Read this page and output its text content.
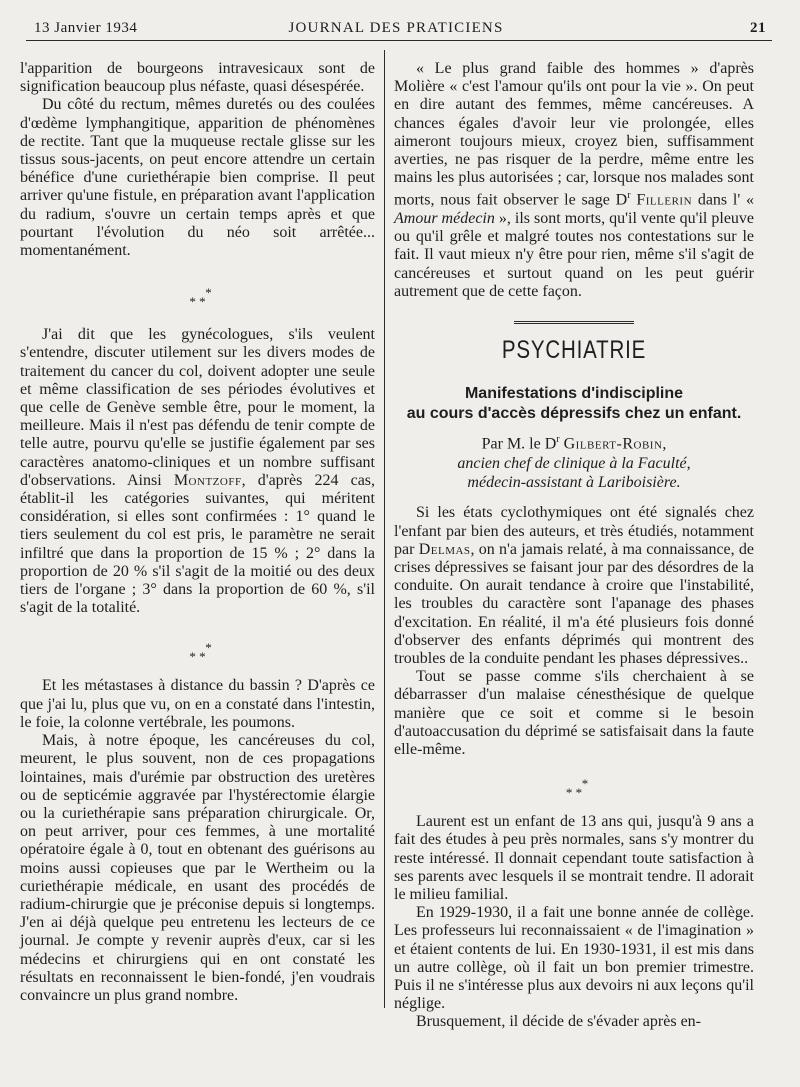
13 Janvier 1934	JOURNAL DES PRATICIENS	21

l'apparition de bourgeons intravesicaux sont de signification beaucoup plus néfaste, quasi désespérée.

Du côté du rectum, mêmes duretés ou des coulées d'œdème lymphangitique, apparition de phénomènes de rectite. Tant que la muqueuse rectale glisse sur les tissus sous-jacents, on peut encore attendre un certain bénéfice d'une curiethérapie bien comprise. Il peut arriver qu'une fistule, en préparation avant l'application du radium, s'ouvre un certain temps après et que pourtant l'évolution du néo soit arrêtée... momentanément.

*
* *

J'ai dit que les gynécologues, s'ils veulent s'entendre, discuter utilement sur les divers modes de traitement du cancer du col, doivent adopter une seule et même classification de ses périodes évolutives et que celle de Genève semble être, pour le moment, la meilleure. Mais il n'est pas défendu de tenir compte de telle autre, pourvu qu'elle se justifie également par ses caractères anatomo-cliniques et un nombre suffisant d'observations. Ainsi Montzoff, d'après 224 cas, établit-il les catégories suivantes, qui méritent considération, si elles sont confirmées : 1° quand le tiers seulement du col est pris, le paramètre ne serait infiltré que dans la proportion de 15 % ; 2° dans la proportion de 20 % s'il s'agit de la moitié ou des deux tiers de l'organe ; 3° dans la proportion de 60 %, s'il s'agit de la totalité.

*
* *

Et les métastases à distance du bassin ? D'après ce que j'ai lu, plus que vu, on en a constaté dans l'intestin, le foie, la colonne vertébrale, les poumons.

Mais, à notre époque, les cancéreuses du col, meurent, le plus souvent, non de ces propagations lointaines, mais d'urémie par obstruction des uretères ou de septicémie aggravée par l'hystérectomie élargie ou la curiethérapie sans préparation chirurgicale. Or, on peut arriver, pour ces femmes, à une mortalité opératoire égale à 0, tout en obtenant des guérisons au moins aussi copieuses que par le Wertheim ou la curiethérapie médicale, en usant des procédés de radium-chirurgie que je préconise depuis si longtemps. J'en ai déjà quelque peu entretenu les lecteurs de ce journal. Je compte y revenir auprès d'eux, car si les médecins et chirurgiens qui en ont constaté les résultats en reconnaissent le bien-fondé, j'en voudrais convaincre un plus grand nombre.

« Le plus grand faible des hommes » d'après Molière « c'est l'amour qu'ils ont pour la vie ». On peut en dire autant des femmes, même cancéreuses. A chances égales d'avoir leur vie prolongée, elles aimeront toujours mieux, croyez bien, suffisamment averties, ne pas risquer de la perdre, même entre les mains les plus autorisées ; car, lorsque nos malades sont morts, nous fait observer le sage $D^r$ Fillerin dans l' « Amour médecin », ils sont morts, qu'il vente qu'il pleuve ou qu'il grêle et malgré toutes nos contestations sur le fait. Il vaut mieux n'y être pour rien, même s'il s'agit de cancéreuses et surtout quand on les peut guérir autrement que de cette façon.

PSYCHIATRIE
Manifestations d'indiscipline
au cours d'accès dépressifs chez un enfant.
Par M. le $D^r$ Gilbert-Robin,
ancien chef de clinique à la Faculté,
médecin-assistant à Lariboisière.

Si les états cyclothymiques ont été signalés chez l'enfant par bien des auteurs, et très étudiés, notamment par Delmas, on n'a jamais relaté, à ma connaissance, de crises dépressives se faisant jour par des désordres de la conduite. On aurait tendance à croire que l'instabilité, les troubles du caractère sont l'apanage des phases d'excitation. En réalité, il m'a été plusieurs fois donné d'observer des enfants déprimés qui montrent des troubles de la conduite pendant les phases dépressives..

Tout se passe comme s'ils cherchaient à se débarrasser d'un malaise cénesthésique de quelque manière que ce soit et comme si le besoin d'autoaccusation du déprimé se satisfaisait dans la faute elle-même.

*
* *

Laurent est un enfant de 13 ans qui, jusqu'à 9 ans a fait des études à peu près normales, sans s'y montrer du reste intéressé. Il donnait cependant toute satisfaction à ses parents avec lesquels il se montrait tendre. Il adorait le milieu familial.

En 1929-1930, il a fait une bonne année de collège. Les professeurs lui reconnaissaient « de l'imagination » et étaient contents de lui. En 1930-1931, il est mis dans un autre collège, où il fait un bon premier trimestre. Puis il ne s'intéresse plus aux devoirs ni aux leçons qu'il néglige.

Brusquement, il décide de s'évader après en-
